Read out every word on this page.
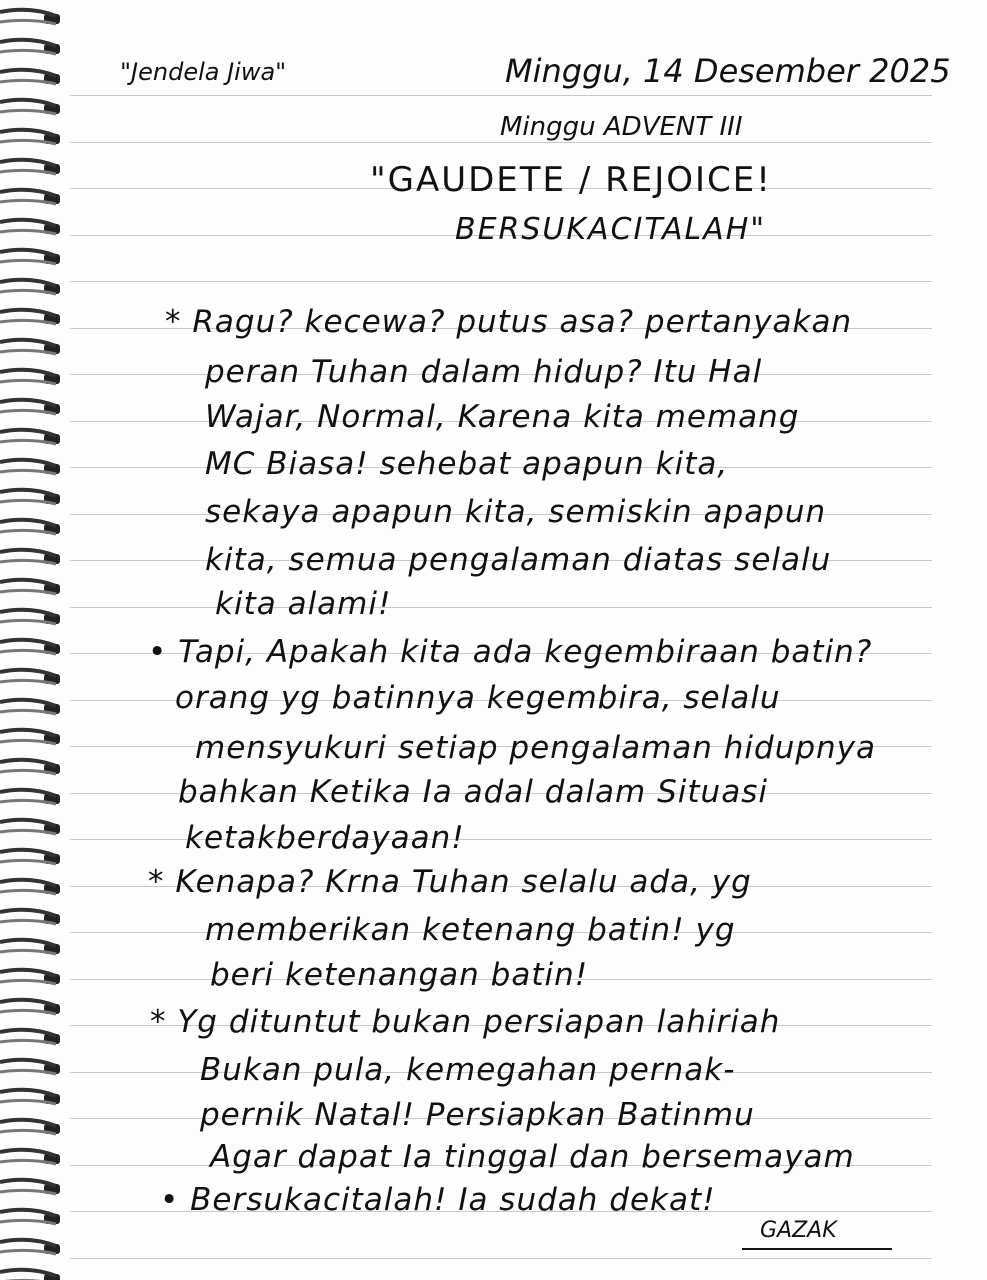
"Jendela Jiwa"	Minggu, 14 Desember 2025
Minggu ADVENT III
"GAUDETE / REJOICE!
BERSUKACITALAH"
* Ragu? kecewa? putus asa? pertanyakan
peran Tuhan dalam hidup? Itu Hal
Wajar, Normal, Karena kita memang
MC Biasa! sehebat apapun kita,
sekaya apapun kita, semiskin apapun
kita, semua pengalaman diatas selalu
kita alami!
• Tapi, Apakah kita ada kegembiraan batin?
orang yg batinnya kegembira, selalu
mensyukuri setiap pengalaman hidupnya
bahkan Ketika Ia adal dalam Situasi
ketakberdayaan!
* Kenapa? Krna Tuhan selalu ada, yg
memberikan ketenang batin! yg
beri ketenangan batin!
* Yg dituntut bukan persiapan lahiriah
Bukan pula, kemegahan pernak-
pernik Natal! Persiapkan Batinmu
Agar dapat Ia tinggal dan bersemayam
• Bersukacitalah! Ia sudah dekat!
GAZAK
